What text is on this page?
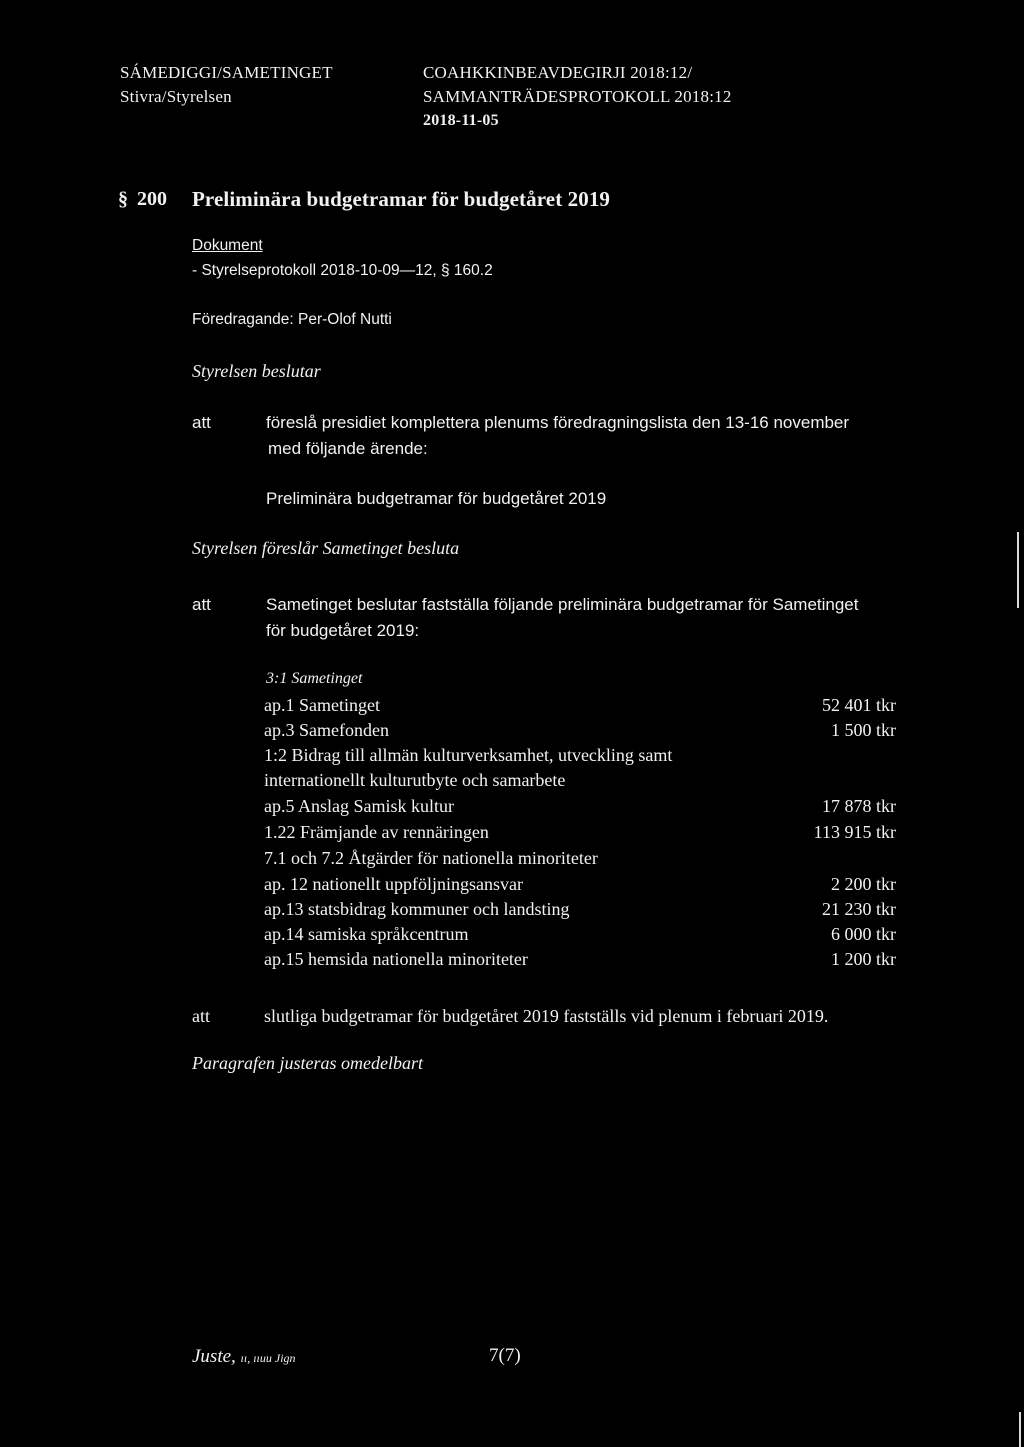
SÁMEDIGGI/SAMETINGET
Stivra/Styrelsen
COAHKKINBEAVDEGIRJI 2018:12/
SAMMANTRÄDESPROTOKOLL 2018:12
2018-11-05
§ 200 Preliminära budgetramar för budgetåret 2019
Dokument
- Styrelseprotokoll 2018-10-09—12, § 160.2
Föredragande: Per-Olof Nutti
Styrelsen beslutar
att	föreslå presidiet komplettera plenums föredragningslista den 13-16 november
med följande ärende:
Preliminära budgetramar för budgetåret 2019
Styrelsen föreslår Sametinget besluta
att	Sametinget beslutar fastställa följande preliminära budgetramar för Sametinget
för budgetåret 2019:
3:1 Sametinget
ap.1 Sametinget	52 401 tkr
ap.3 Samefonden	1 500 tkr
1:2 Bidrag till allmän kulturverksamhet, utveckling samt
internationellt kulturutbyte och samarbete
ap.5 Anslag Samisk kultur	17 878 tkr
1.22 Främjande av rennäringen	113 915 tkr
7.1 och 7.2 Åtgärder för nationella minoriteter
ap. 12 nationellt uppföljningsansvar	2 200 tkr
ap.13 statsbidrag kommuner och landsting	21 230 tkr
ap.14 samiska språkcentrum	6 000 tkr
ap.15 hemsida nationella minoriteter	1 200 tkr
att	slutliga budgetramar för budgetåret 2019 fastställs vid plenum i februari 2019.
Paragrafen justeras omedelbart
Juste, ıı, ııuu Jign	7(7)
